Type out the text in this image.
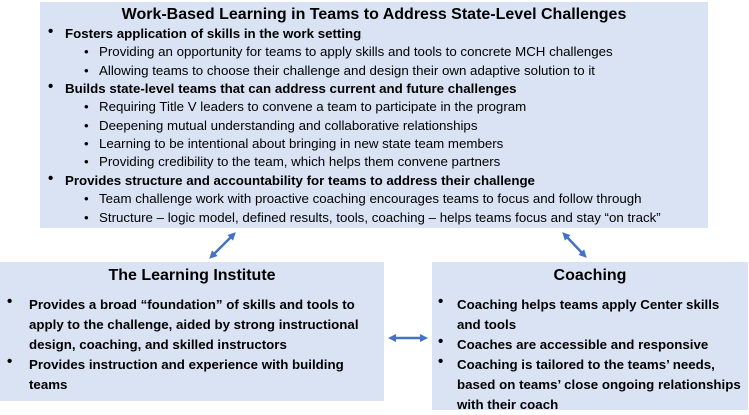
Work-Based Learning in Teams to Address State-Level Challenges
• Fosters application of skills in the work setting
• Providing an opportunity for teams to apply skills and tools to concrete MCH challenges
• Allowing teams to choose their challenge and design their own adaptive solution to it
• Builds state-level teams that can address current and future challenges
• Requiring Title V leaders to convene a team to participate in the program
• Deepening mutual understanding and collaborative relationships
• Learning to be intentional about bringing in new state team members
• Providing credibility to the team, which helps them convene partners
• Provides structure and accountability for teams to address their challenge
• Team challenge work with proactive coaching encourages teams to focus and follow through
• Structure – logic model, defined results, tools, coaching – helps teams focus and stay “on track”
The Learning Institute
• Provides a broad “foundation” of skills and tools to apply to the challenge, aided by strong instructional design, coaching, and skilled instructors
• Provides instruction and experience with building teams
Coaching
• Coaching helps teams apply Center skills and tools
• Coaches are accessible and responsive
• Coaching is tailored to the teams’ needs, based on teams’ close ongoing relationships with their coach
